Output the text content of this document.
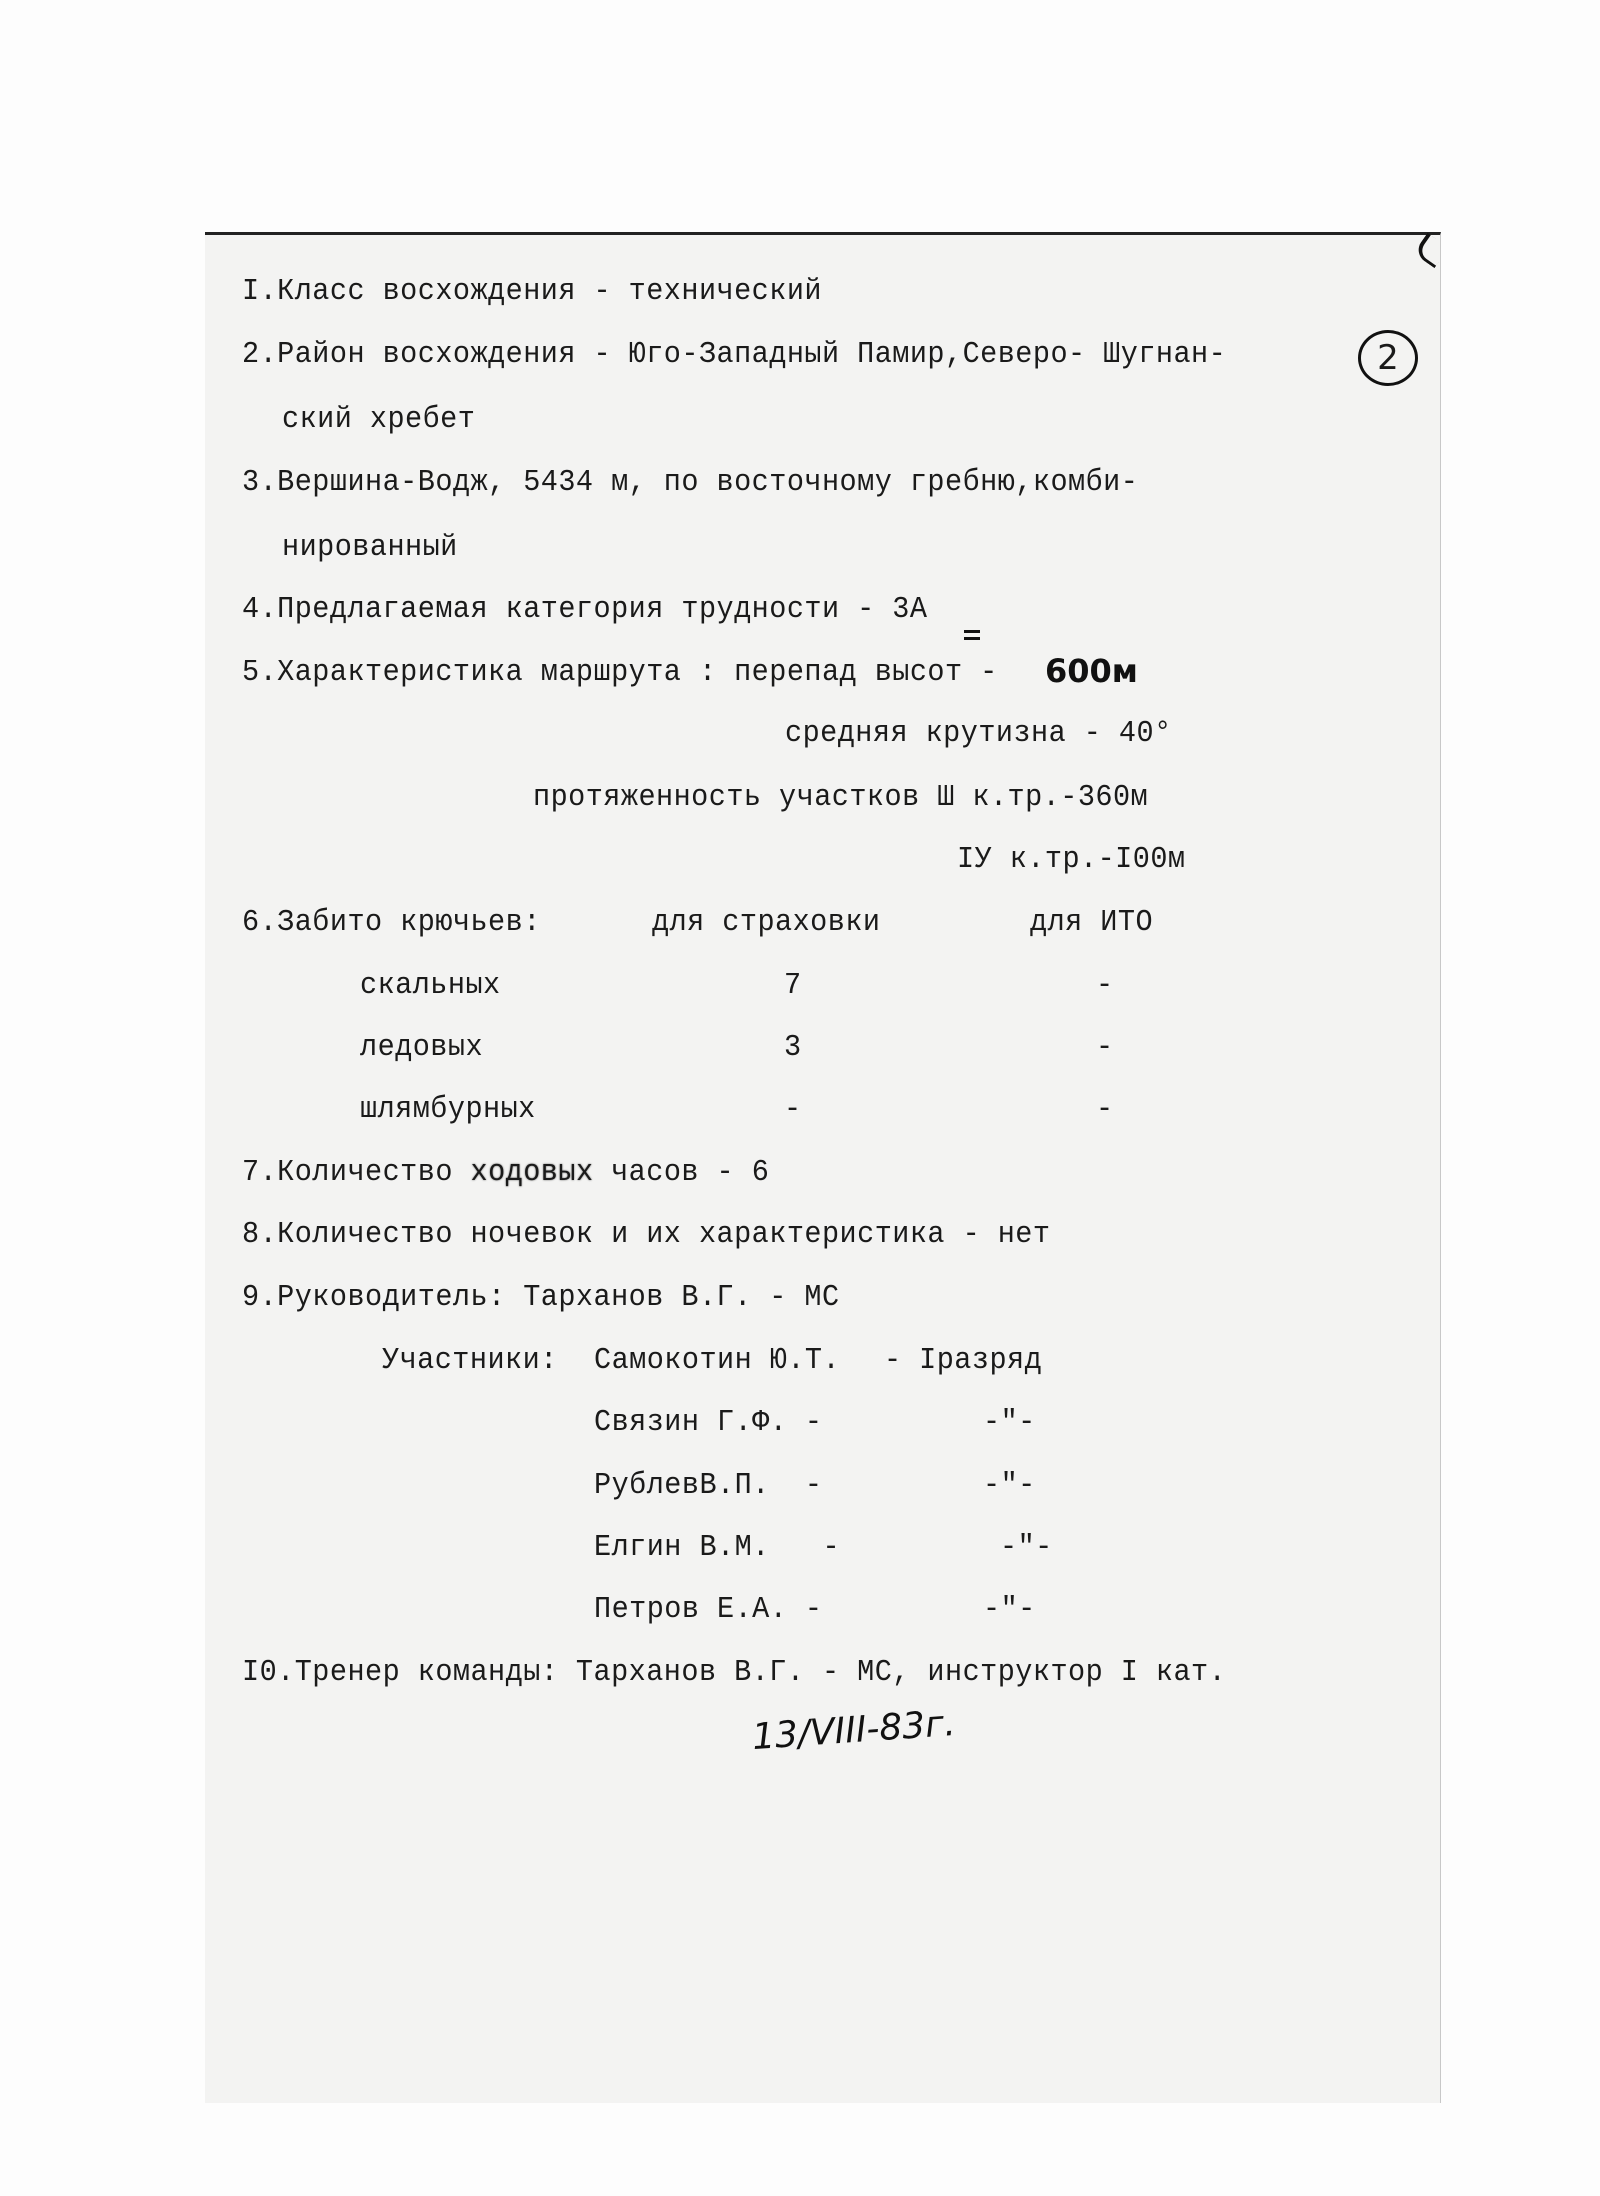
2
I.Класс восхождения - технический
2.Район восхождения - Юго-Западный Памир,Северо- Шугнан-
ский хребет
3.Вершина-Водж, 5434 м, по восточному гребню,комби-
нированный
4.Предлагаемая категория трудности - 3А
5.Характеристика маршрута : перепад высот - 600м
средняя крутизна - 40°
протяженность участков Ш к.тр.-360м
IУ к.тр.-I00м
6.Забито крючьев:	для страховки	для ИТО
скальных	7	-
ледовых	3	-
шлямбурных	-	-
7.Количество ходовых часов - 6
8.Количество ночевок и их характеристика - нет
9.Руководитель: Тарханов В.Г. - МС
Участники: Самокотин Ю.Т. - Iразряд
Связин Г.Ф. -	-"-
РублевВ.П.  -	-"-
Елгин В.М.   -	-"-
Петров Е.А. -	-"-
I0.Тренер команды: Тарханов В.Г. - МС, инструктор I кат.
13/VIII-83г.
